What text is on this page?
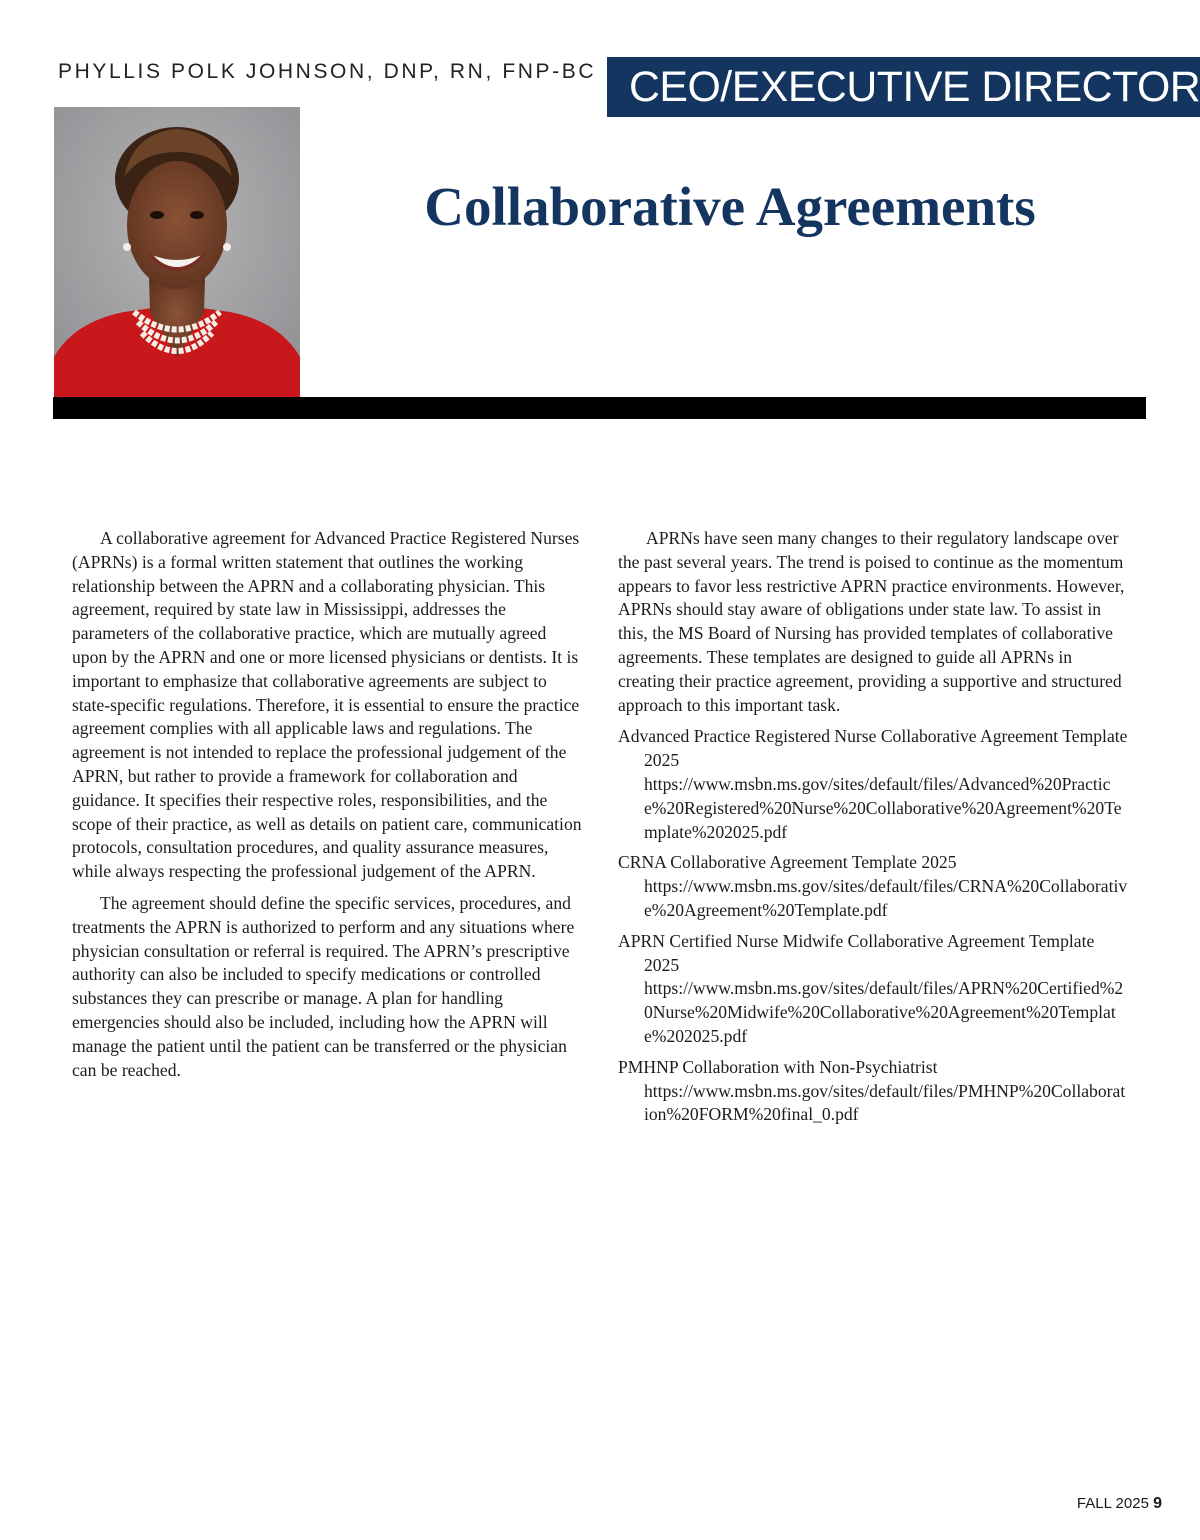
PHYLLIS POLK JOHNSON, DNP, RN, FNP-BC CEO/EXECUTIVE DIRECTOR
Collaborative Agreements

A collaborative agreement for Advanced Practice Registered Nurses (APRNs) is a formal written statement that outlines the working relationship between the APRN and a collaborating physician. This agreement, required by state law in Mississippi, addresses the parameters of the collaborative practice, which are mutually agreed upon by the APRN and one or more licensed physicians or dentists. It is important to emphasize that collaborative agreements are subject to state-specific regulations. Therefore, it is essential to ensure the practice agreement complies with all applicable laws and regulations. The agreement is not intended to replace the professional judgement of the APRN, but rather to provide a framework for collaboration and guidance. It specifies their respective roles, responsibilities, and the scope of their practice, as well as details on patient care, communication protocols, consultation procedures, and quality assurance measures, while always respecting the professional judgement of the APRN.

The agreement should define the specific services, procedures, and treatments the APRN is authorized to perform and any situations where physician consultation or referral is required. The APRN’s prescriptive authority can also be included to specify medications or controlled substances they can prescribe or manage. A plan for handling emergencies should also be included, including how the APRN will manage the patient until the patient can be transferred or the physician can be reached.

APRNs have seen many changes to their regulatory landscape over the past several years. The trend is poised to continue as the momentum appears to favor less restrictive APRN practice environments. However, APRNs should stay aware of obligations under state law. To assist in this, the MS Board of Nursing has provided templates of collaborative agreements. These templates are designed to guide all APRNs in creating their practice agreement, providing a supportive and structured approach to this important task.

Advanced Practice Registered Nurse Collaborative Agreement Template 2025
https://www.msbn.ms.gov/sites/default/files/Advanced%20Practice%20Registered%20Nurse%20Collaborative%20Agreement%20Template%202025.pdf
CRNA Collaborative Agreement Template 2025
https://www.msbn.ms.gov/sites/default/files/CRNA%20Collaborative%20Agreement%20Template.pdf
APRN Certified Nurse Midwife Collaborative Agreement Template 2025
https://www.msbn.ms.gov/sites/default/files/APRN%20Certified%20Nurse%20Midwife%20Collaborative%20Agreement%20Template%202025.pdf
PMHNP Collaboration with Non-Psychiatrist
https://www.msbn.ms.gov/sites/default/files/PMHNP%20Collaboration%20FORM%20final_0.pdf
FALL 2025 9
